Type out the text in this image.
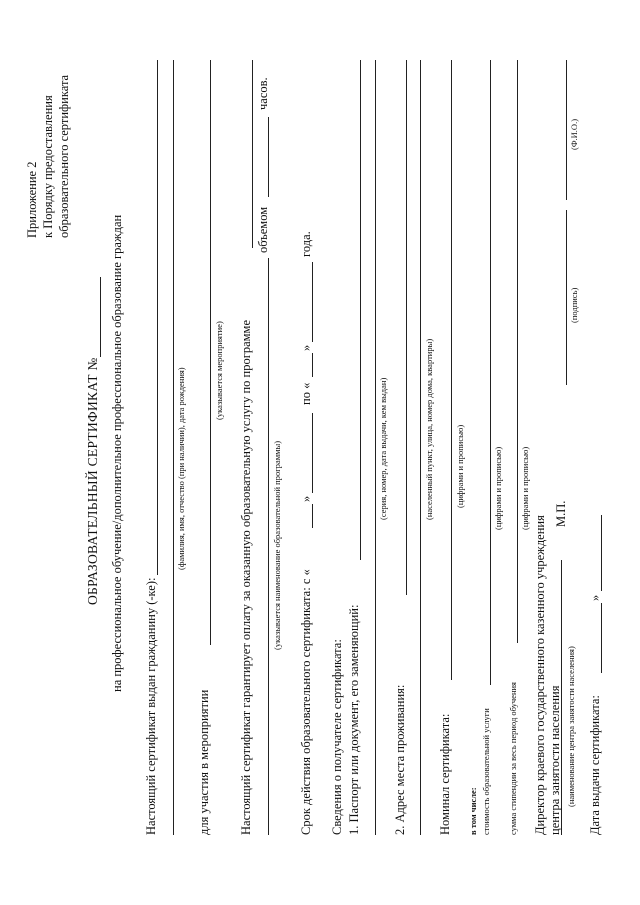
Приложение 2 к Порядку предоставления образовательного сертификата
ОБРАЗОВАТЕЛЬНЫЙ СЕРТИФИКАТ № на профессиональное обучение/дополнительное профессиональное образование граждан
Настоящий сертификат выдан гражданину (-ке):
(фамилия, имя, отчество (при наличии), дата рождения)
для участия в мероприятии
(указывается мероприятие) Настоящий сертификат гарантирует оплату за оказанную образовательную услугу по программе
объемом
часов.
(указывается наименование образовательной программы)
Срок действия образовательного сертификата: с «
»
по «
»
года.
Сведения о получателе сертификата: 1. Паспорт или документ, его заменяющий:
(серия, номер, дата выдачи, кем выдан)
2. Адрес места проживания:
(населенный пункт, улица, номер дома, квартиры)
Номинал сертификата:
(цифрами и прописью)
в том числе: стоимость образовательной услуги
(цифрами и прописью)
сумма стипендии за весь период обучения
(цифрами и прописью)
Директор краевого государственного казенного учреждения центра занятости населения (наименование центра занятости населения)
М.П.
(подпись)
(Ф.И.О.)
Дата выдачи сертификата:
»
